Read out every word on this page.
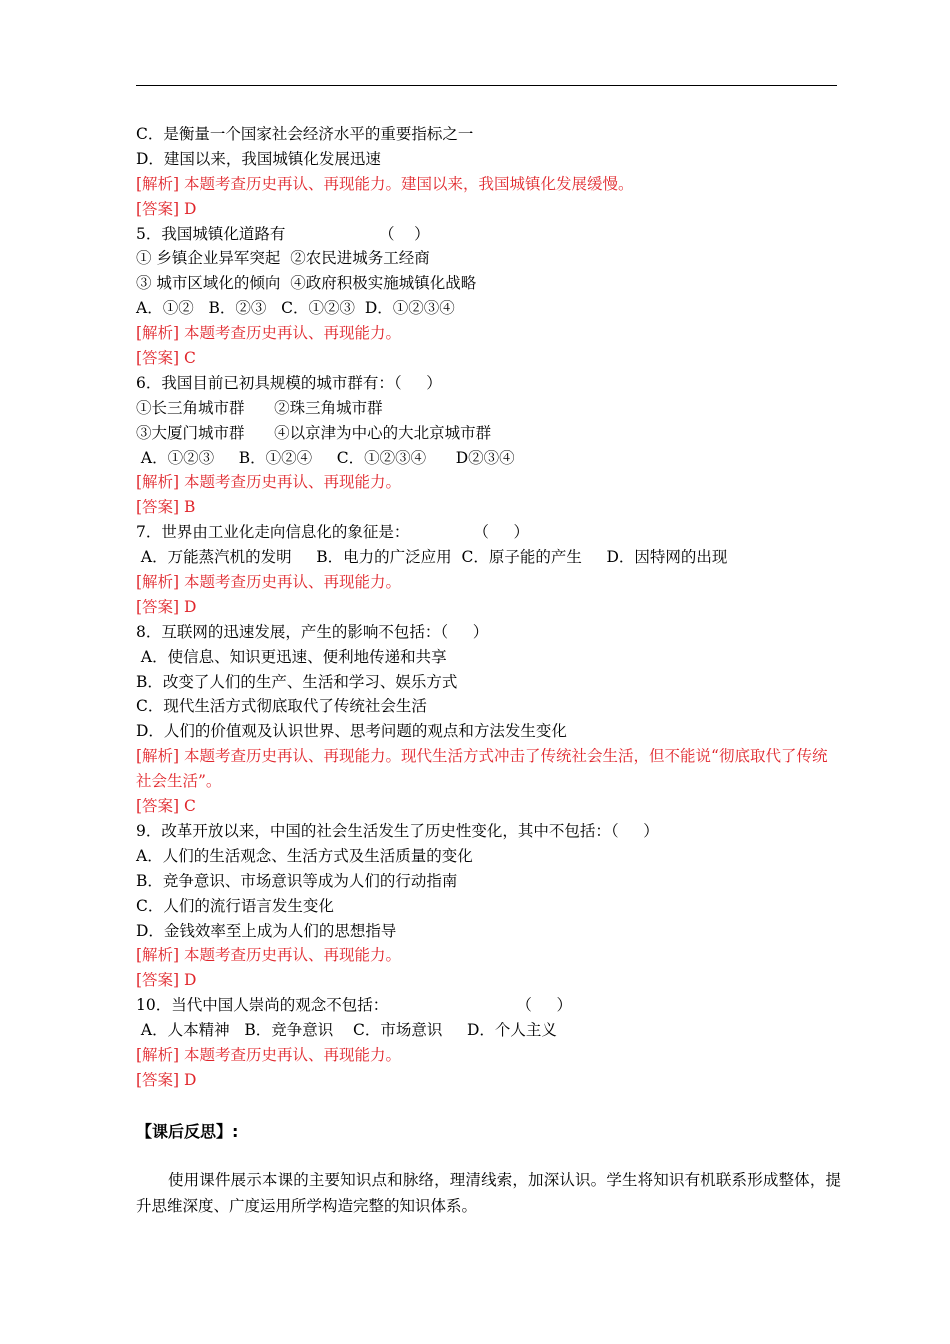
C．是衡量一个国家社会经济水平的重要指标之一
D．建国以来，我国城镇化发展迅速
[解析] 本题考查历史再认、再现能力。建国以来，我国城镇化发展缓慢。
[答案] D
5．我国城镇化道路有                   （    ）
① 乡镇企业异军突起  ②农民进城务工经商
③ 城市区域化的倾向  ④政府积极实施城镇化战略
A．①②   B．②③   C．①②③  D．①②③④
[解析] 本题考查历史再认、再现能力。
[答案] C
6．我国目前已初具规模的城市群有：（     ）
①长三角城市群      ②珠三角城市群
③大厦门城市群      ④以京津为中心的大北京城市群
A．①②③     B．①②④     C．①②③④      D②③④
[解析] 本题考查历史再认、再现能力。
[答案] B
7．世界由工业化走向信息化的象征是：             （     ）
A．万能蒸汽机的发明     B．电力的广泛应用  C．原子能的产生     D．因特网的出现
[解析] 本题考查历史再认、再现能力。
[答案] D
8．互联网的迅速发展，产生的影响不包括：（     ）
A．使信息、知识更迅速、便利地传递和共享
B．改变了人们的生产、生活和学习、娱乐方式
C．现代生活方式彻底取代了传统社会生活
D．人们的价值观及认识世界、思考问题的观点和方法发生变化
[解析] 本题考查历史再认、再现能力。现代生活方式冲击了传统社会生活，但不能说“彻底取代了传统社会生活”。
[答案] C
9．改革开放以来，中国的社会生活发生了历史性变化，其中不包括：（     ）
A．人们的生活观念、生活方式及生活质量的变化
B．竞争意识、市场意识等成为人们的行动指南
C．人们的流行语言发生变化
D．金钱效率至上成为人们的思想指导
[解析] 本题考查历史再认、再现能力。
[答案] D
10．当代中国人崇尚的观念不包括：                          （     ）
A．人本精神   B．竞争意识    C．市场意识     D．个人主义
[解析] 本题考查历史再认、再现能力。
[答案] D
【课后反思】:
使用课件展示本课的主要知识点和脉络，理清线索，加深认识。学生将知识有机联系形成整体，提升思维深度、广度运用所学构造完整的知识体系。
